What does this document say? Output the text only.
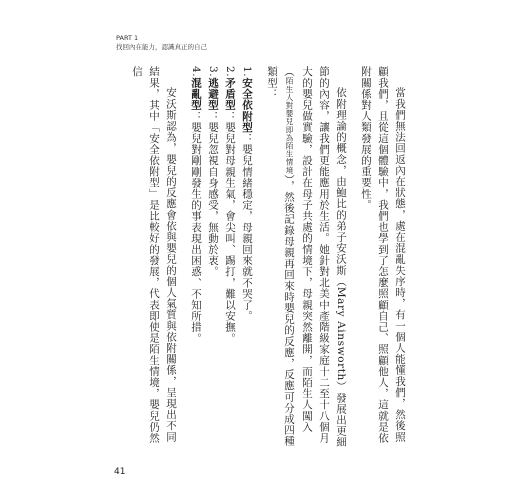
PART 1
找回內在能力，認識真正的自己

當我們無法回返內在狀態，處在混亂失序時，有一個人能懂我們，然後照顧我們，且從這個體驗中，我們也學到了怎麼照顧自己、照顧他人，這就是依附關係對人類發展的重要性。

依附理論的概念，由鮑比的弟子安沃斯（Mary Ainsworth）發展出更細節的內容，讓我們更能應用於生活。她針對北美中產階級家庭十二至十八個月大的嬰兒做實驗，設計在母子共處的情境下，母親突然離開，而陌生人闖入（陌生人對嬰兒即為陌生情境），然後記錄母親再回來時嬰兒的反應，反應可分成四種類型：

1.安全依附型：嬰兒情緒穩定，母親回來就不哭了。

2.矛盾型：嬰兒對母親生氣，會尖叫、踢打，難以安撫。

3.逃避型：嬰兒忽視自身感受，無動於衷。

4.混亂型：嬰兒對剛剛發生的事表現出困惑、不知所措。

安沃斯認為，嬰兒的反應會依與嬰兒的個人氣質與依附關係，呈現出不同結果，其中「安全依附型」是比較好的發展，代表即使是陌生情境，嬰兒仍然信

41
